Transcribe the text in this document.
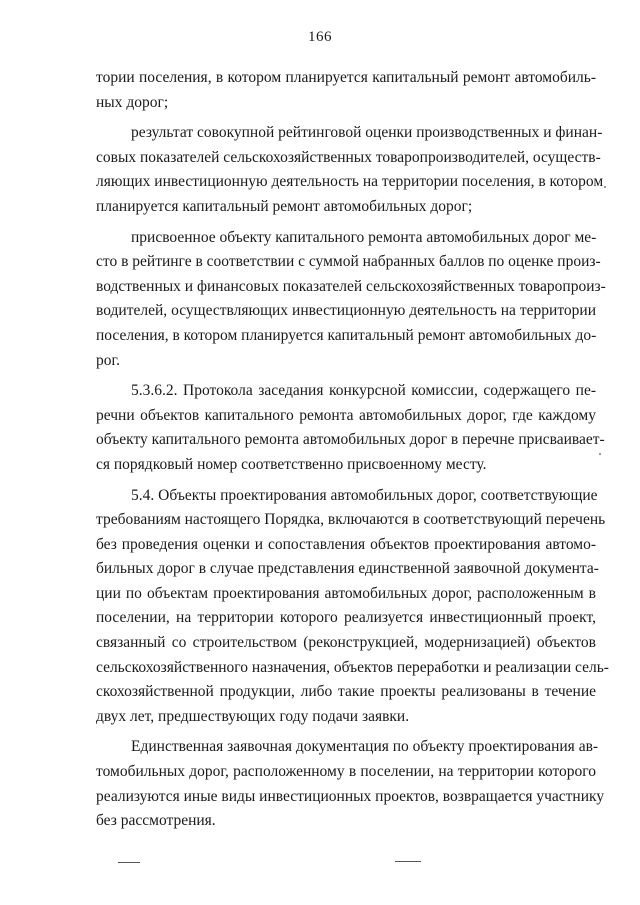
166
тории поселения, в котором планируется капитальный ремонт автомобиль-
ных дорог;
результат совокупной рейтинговой оценки производственных и финан-
совых показателей сельскохозяйственных товаропроизводителей, осуществ-
ляющих инвестиционную деятельность на территории поселения, в котором
планируется капитальный ремонт автомобильных дорог;
присвоенное объекту капитального ремонта автомобильных дорог ме-
сто в рейтинге в соответствии с суммой набранных баллов по оценке произ-
водственных и финансовых показателей сельскохозяйственных товаропроиз-
водителей, осуществляющих инвестиционную деятельность на территории
поселения, в котором планируется капитальный ремонт автомобильных до-
рог.
5.3.6.2. Протокола заседания конкурсной комиссии, содержащего пе-
речни объектов капитального ремонта автомобильных дорог, где каждому
объекту капитального ремонта автомобильных дорог в перечне присваивает-
ся порядковый номер соответственно присвоенному месту.
5.4. Объекты проектирования автомобильных дорог, соответствующие
требованиям настоящего Порядка, включаются в соответствующий перечень
без проведения оценки и сопоставления объектов проектирования автомо-
бильных дорог в случае представления единственной заявочной документа-
ции по объектам проектирования автомобильных дорог, расположенным в
поселении, на территории которого реализуется инвестиционный проект,
связанный со строительством (реконструкцией, модернизацией) объектов
сельскохозяйственного назначения, объектов переработки и реализации сель-
скохозяйственной продукции, либо такие проекты реализованы в течение
двух лет, предшествующих году подачи заявки.
Единственная заявочная документация по объекту проектирования ав-
томобильных дорог, расположенному в поселении, на территории которого
реализуются иные виды инвестиционных проектов, возвращается участнику
без рассмотрения.
